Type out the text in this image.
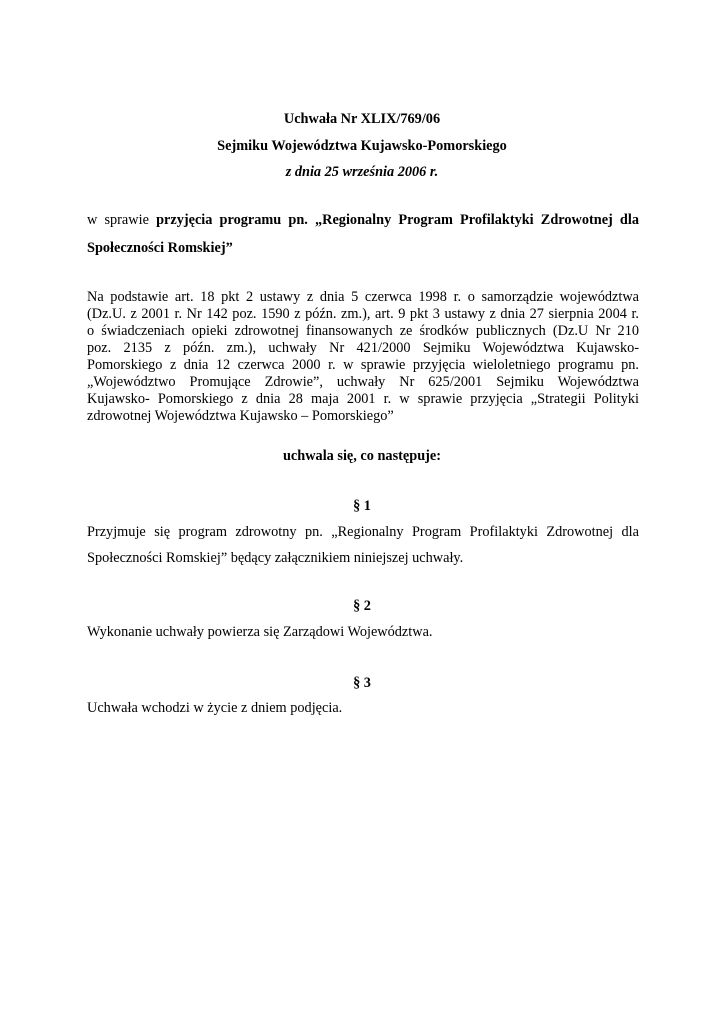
Uchwała Nr XLIX/769/06
Sejmiku Województwa Kujawsko-Pomorskiego
z dnia 25 września 2006 r.
w sprawie przyjęcia programu pn. „Regionalny Program Profilaktyki Zdrowotnej dla
Społeczności Romskiej”
Na podstawie art. 18 pkt 2 ustawy z dnia 5 czerwca 1998 r. o samorządzie województwa
(Dz.U. z 2001 r. Nr 142 poz. 1590 z późn. zm.), art. 9 pkt 3 ustawy z dnia 27 sierpnia 2004 r.
o świadczeniach opieki zdrowotnej finansowanych ze środków publicznych (Dz.U Nr 210
poz. 2135 z późn. zm.), uchwały Nr 421/2000 Sejmiku Województwa Kujawsko-
Pomorskiego z dnia 12 czerwca 2000 r. w sprawie przyjęcia wieloletniego programu pn.
„Województwo Promujące Zdrowie”, uchwały Nr 625/2001 Sejmiku Województwa
Kujawsko- Pomorskiego z dnia 28 maja 2001 r. w sprawie przyjęcia „Strategii Polityki
zdrowotnej Województwa Kujawsko – Pomorskiego”
uchwala się, co następuje:
§ 1
Przyjmuje się program zdrowotny pn. „Regionalny Program Profilaktyki Zdrowotnej dla
Społeczności Romskiej” będący załącznikiem niniejszej uchwały.
§ 2
Wykonanie uchwały powierza się Zarządowi Województwa.
§ 3
Uchwała wchodzi w życie z dniem podjęcia.
